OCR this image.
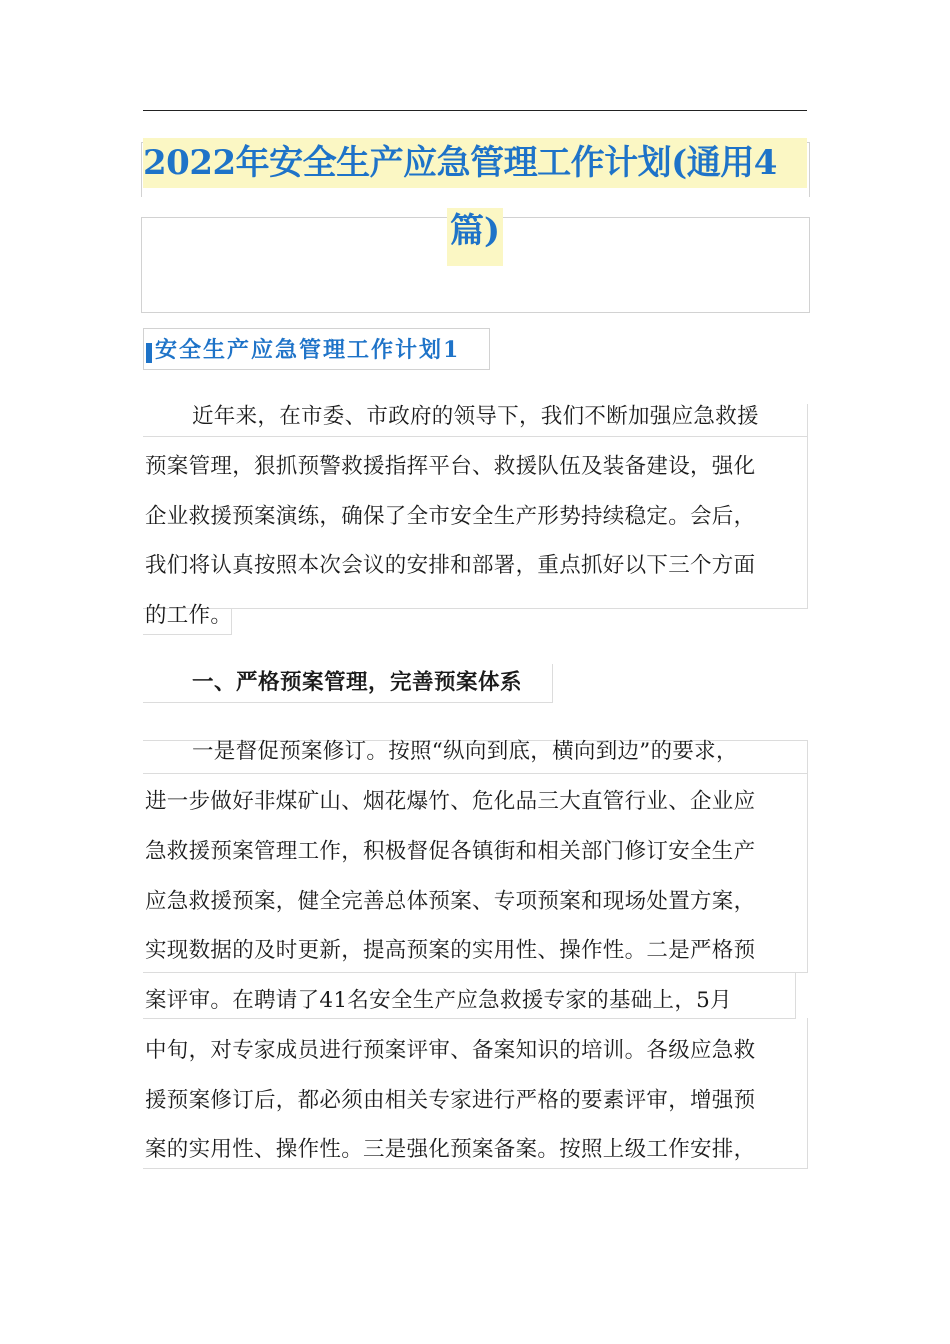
2022年安全生产应急管理工作计划(通用4
篇)
安全生产应急管理工作计划1
近年来，在市委、市政府的领导下，我们不断加强应急救援
预案管理，狠抓预警救援指挥平台、救援队伍及装备建设，强化
企业救援预案演练，确保了全市安全生产形势持续稳定。会后，
我们将认真按照本次会议的安排和部署，重点抓好以下三个方面
的工作。
一、严格预案管理，完善预案体系
一是督促预案修订。按照“纵向到底，横向到边”的要求，
进一步做好非煤矿山、烟花爆竹、危化品三大直管行业、企业应
急救援预案管理工作，积极督促各镇街和相关部门修订安全生产
应急救援预案，健全完善总体预案、专项预案和现场处置方案，
实现数据的及时更新，提高预案的实用性、操作性。二是严格预
案评审。在聘请了41名安全生产应急救援专家的基础上，5月
中旬，对专家成员进行预案评审、备案知识的培训。各级应急救
援预案修订后，都必须由相关专家进行严格的要素评审，增强预
案的实用性、操作性。三是强化预案备案。按照上级工作安排，
